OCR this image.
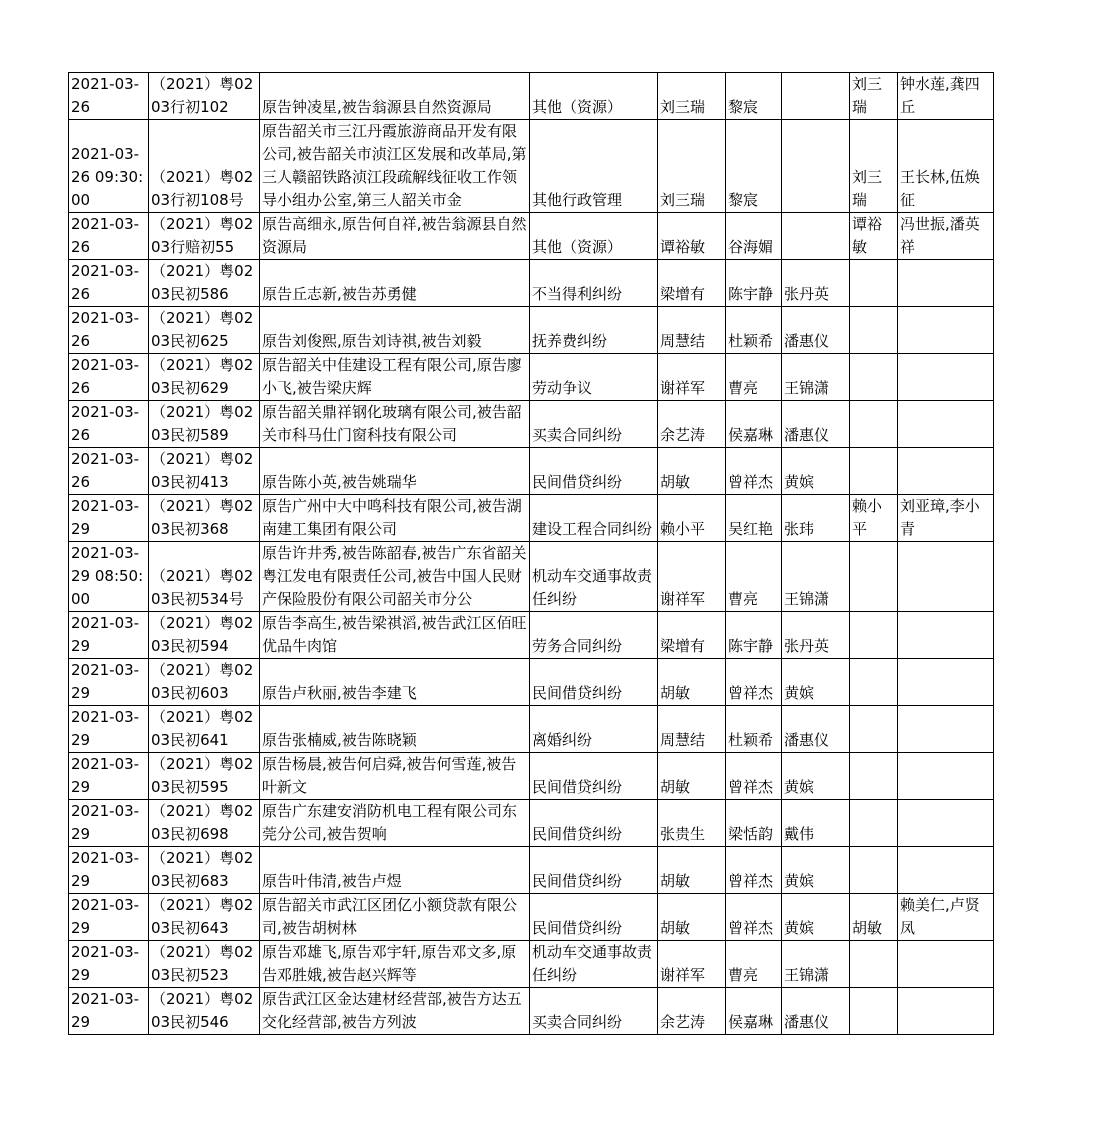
2021-03-26	（2021）粤0203行初102	原告钟凌星,被告翁源县自然资源局	其他（资源）	刘三瑞	黎宸		刘三瑞	钟水莲,龚四丘

2021-03-26 09:30:00	（2021）粤0203行初108号	原告韶关市三江丹霞旅游商品开发有限公司,被告韶关市浈江区发展和改革局,第三人赣韶铁路浈江段疏解线征收工作领导小组办公室,第三人韶关市金	其他行政管理	刘三瑞	黎宸		刘三瑞	王长林,伍焕征

2021-03-26	（2021）粤0203行赔初55	原告高细永,原告何自祥,被告翁源县自然资源局	其他（资源）	谭裕敏	谷海媚		谭裕敏	冯世振,潘英祥

2021-03-26	（2021）粤0203民初586	原告丘志新,被告苏勇健	不当得利纠纷	梁增有	陈宇静	张丹英		

2021-03-26	（2021）粤0203民初625	原告刘俊熙,原告刘诗祺,被告刘毅	抚养费纠纷	周慧结	杜颖希	潘惠仪		

2021-03-26	（2021）粤0203民初629	原告韶关中佳建设工程有限公司,原告廖小飞,被告梁庆辉	劳动争议	谢祥军	曹亮	王锦潇		

2021-03-26	（2021）粤0203民初589	原告韶关鼎祥钢化玻璃有限公司,被告韶关市科马仕门窗科技有限公司	买卖合同纠纷	余艺涛	侯嘉琳	潘惠仪		

2021-03-26	（2021）粤0203民初413	原告陈小英,被告姚瑞华	民间借贷纠纷	胡敏	曾祥杰	黄嫔		

2021-03-29	（2021）粤0203民初368	原告广州中大中鸣科技有限公司,被告湖南建工集团有限公司	建设工程合同纠纷	赖小平	吴红艳	张玮	赖小平	刘亚璋,李小青

2021-03-29 08:50:00	（2021）粤0203民初534号	原告许井秀,被告陈韶春,被告广东省韶关粤江发电有限责任公司,被告中国人民财产保险股份有限公司韶关市分公	机动车交通事故责任纠纷	谢祥军	曹亮	王锦潇		

2021-03-29	（2021）粤0203民初594	原告李高生,被告梁祺滔,被告武江区佰旺优品牛肉馆	劳务合同纠纷	梁增有	陈宇静	张丹英		

2021-03-29	（2021）粤0203民初603	原告卢秋丽,被告李建飞	民间借贷纠纷	胡敏	曾祥杰	黄嫔		

2021-03-29	（2021）粤0203民初641	原告张楠威,被告陈晓颖	离婚纠纷	周慧结	杜颖希	潘惠仪		

2021-03-29	（2021）粤0203民初595	原告杨晨,被告何启舜,被告何雪莲,被告叶新文	民间借贷纠纷	胡敏	曾祥杰	黄嫔		

2021-03-29	（2021）粤0203民初698	原告广东建安消防机电工程有限公司东莞分公司,被告贺响	民间借贷纠纷	张贵生	梁恬韵	戴伟		

2021-03-29	（2021）粤0203民初683	原告叶伟清,被告卢煜	民间借贷纠纷	胡敏	曾祥杰	黄嫔		

2021-03-29	（2021）粤0203民初643	原告韶关市武江区团亿小额贷款有限公司,被告胡树林	民间借贷纠纷	胡敏	曾祥杰	黄嫔	胡敏	赖美仁,卢贤凤

2021-03-29	（2021）粤0203民初523	原告邓雄飞,原告邓宇轩,原告邓文多,原告邓胜娥,被告赵兴辉等	机动车交通事故责任纠纷	谢祥军	曹亮	王锦潇		

2021-03-29	（2021）粤0203民初546	原告武江区金达建材经营部,被告方达五交化经营部,被告方列波	买卖合同纠纷	余艺涛	侯嘉琳	潘惠仪		
